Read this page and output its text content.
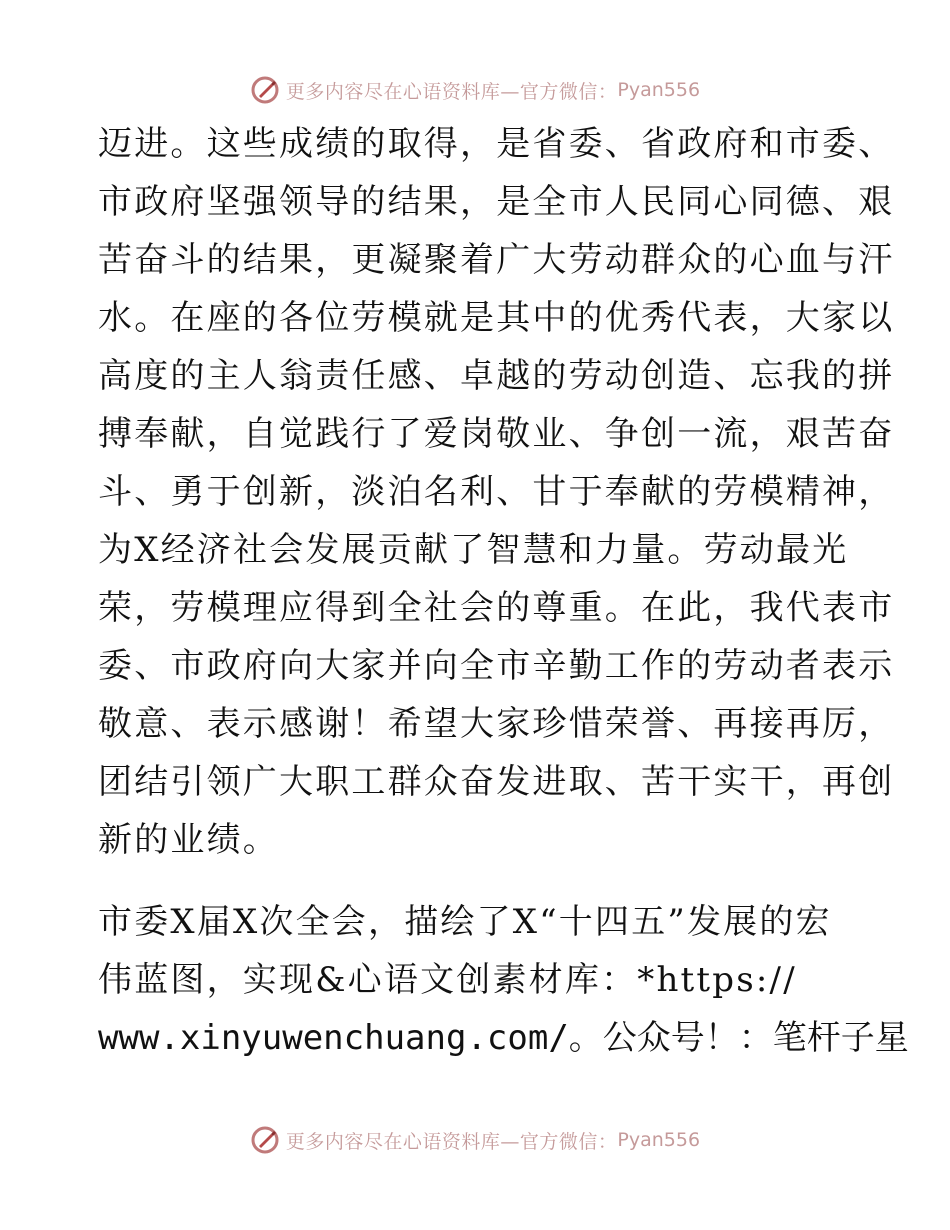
更多内容尽在心语资料库—官方微信： Pyan556

迈进。这些成绩的取得，是省委、省政府和市委、

市政府坚强领导的结果，是全市人民同心同德、艰

苦奋斗的结果，更凝聚着广大劳动群众的心血与汗

水。在座的各位劳模就是其中的优秀代表，大家以

高度的主人翁责任感、卓越的劳动创造、忘我的拼

搏奉献，自觉践行了爱岗敬业、争创一流，艰苦奋

斗、勇于创新，淡泊名利、甘于奉献的劳模精神，

为X经济社会发展贡献了智慧和力量。劳动最光

荣，劳模理应得到全社会的尊重。在此，我代表市

委、市政府向大家并向全市辛勤工作的劳动者表示

敬意、表示感谢！希望大家珍惜荣誉、再接再厉，

团结引领广大职工群众奋发进取、苦干实干，再创

新的业绩。

市委X届X次全会，描绘了X“十四五”发展的宏

伟蓝图，实现&心语文创素材库：*https://

www.xinyuwenchuang.com/。公众号！：笔杆子星

更多内容尽在心语资料库—官方微信： Pyan556
